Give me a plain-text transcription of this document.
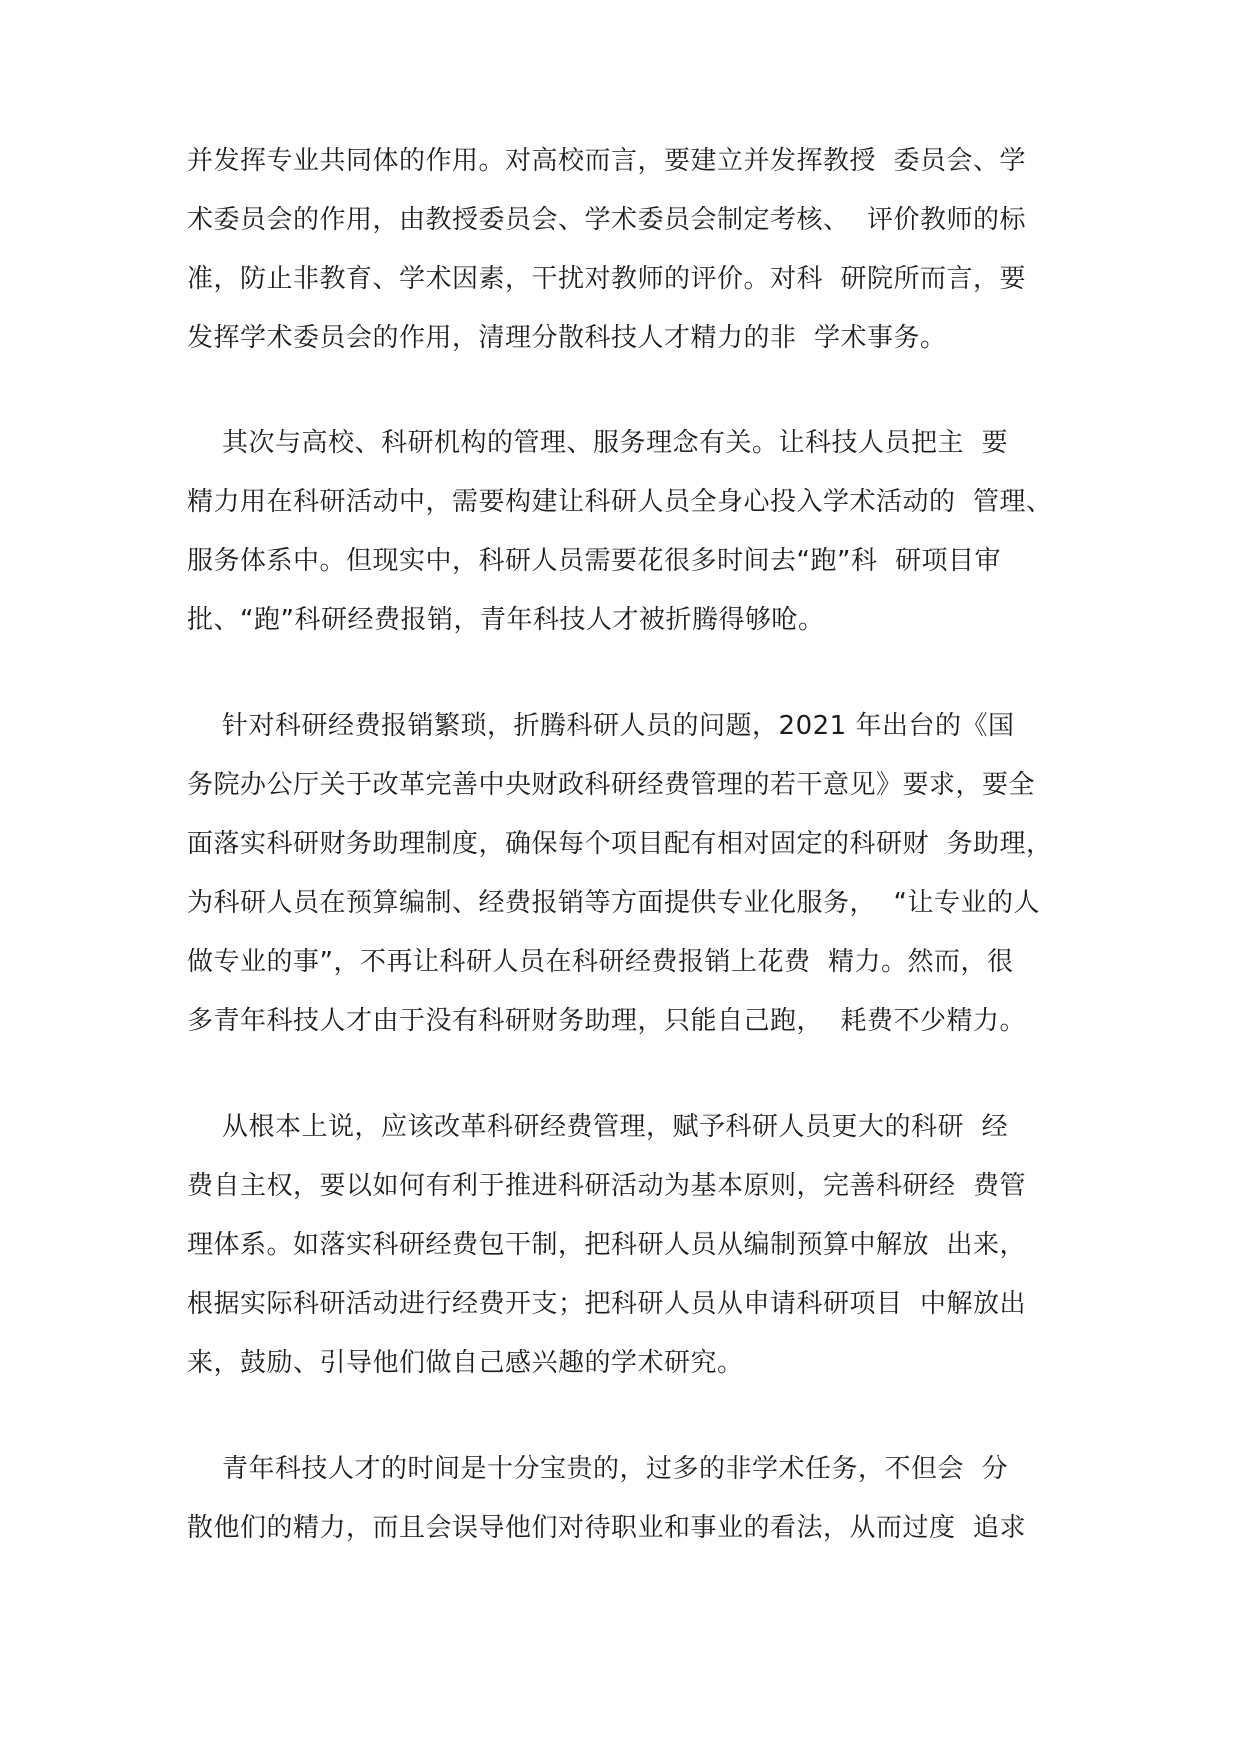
并发挥专业共同体的作用。对高校而言，要建立并发挥教授  委员会、学
术委员会的作用，由教授委员会、学术委员会制定考核、  评价教师的标
准，防止非教育、学术因素，干扰对教师的评价。对科  研院所而言，要
发挥学术委员会的作用，清理分散科技人才精力的非  学术事务。
其次与高校、科研机构的管理、服务理念有关。让科技人员把主  要
精力用在科研活动中，需要构建让科研人员全身心投入学术活动的  管理、
服务体系中。但现实中，科研人员需要花很多时间去“跑”科  研项目审
批、“跑”科研经费报销，青年科技人才被折腾得够呛。
针对科研经费报销繁琐，折腾科研人员的问题，2021 年出台的《国
务院办公厅关于改革完善中央财政科研经费管理的若干意见》要求，要全
面落实科研财务助理制度，确保每个项目配有相对固定的科研财  务助理，
为科研人员在预算编制、经费报销等方面提供专业化服务，  “让专业的人
做专业的事”，不再让科研人员在科研经费报销上花费  精力。然而，很
多青年科技人才由于没有科研财务助理，只能自己跑，  耗费不少精力。
从根本上说，应该改革科研经费管理，赋予科研人员更大的科研  经
费自主权，要以如何有利于推进科研活动为基本原则，完善科研经  费管
理体系。如落实科研经费包干制，把科研人员从编制预算中解放  出来，
根据实际科研活动进行经费开支；把科研人员从申请科研项目  中解放出
来，鼓励、引导他们做自己感兴趣的学术研究。
青年科技人才的时间是十分宝贵的，过多的非学术任务，不但会  分
散他们的精力，而且会误导他们对待职业和事业的看法，从而过度  追求
